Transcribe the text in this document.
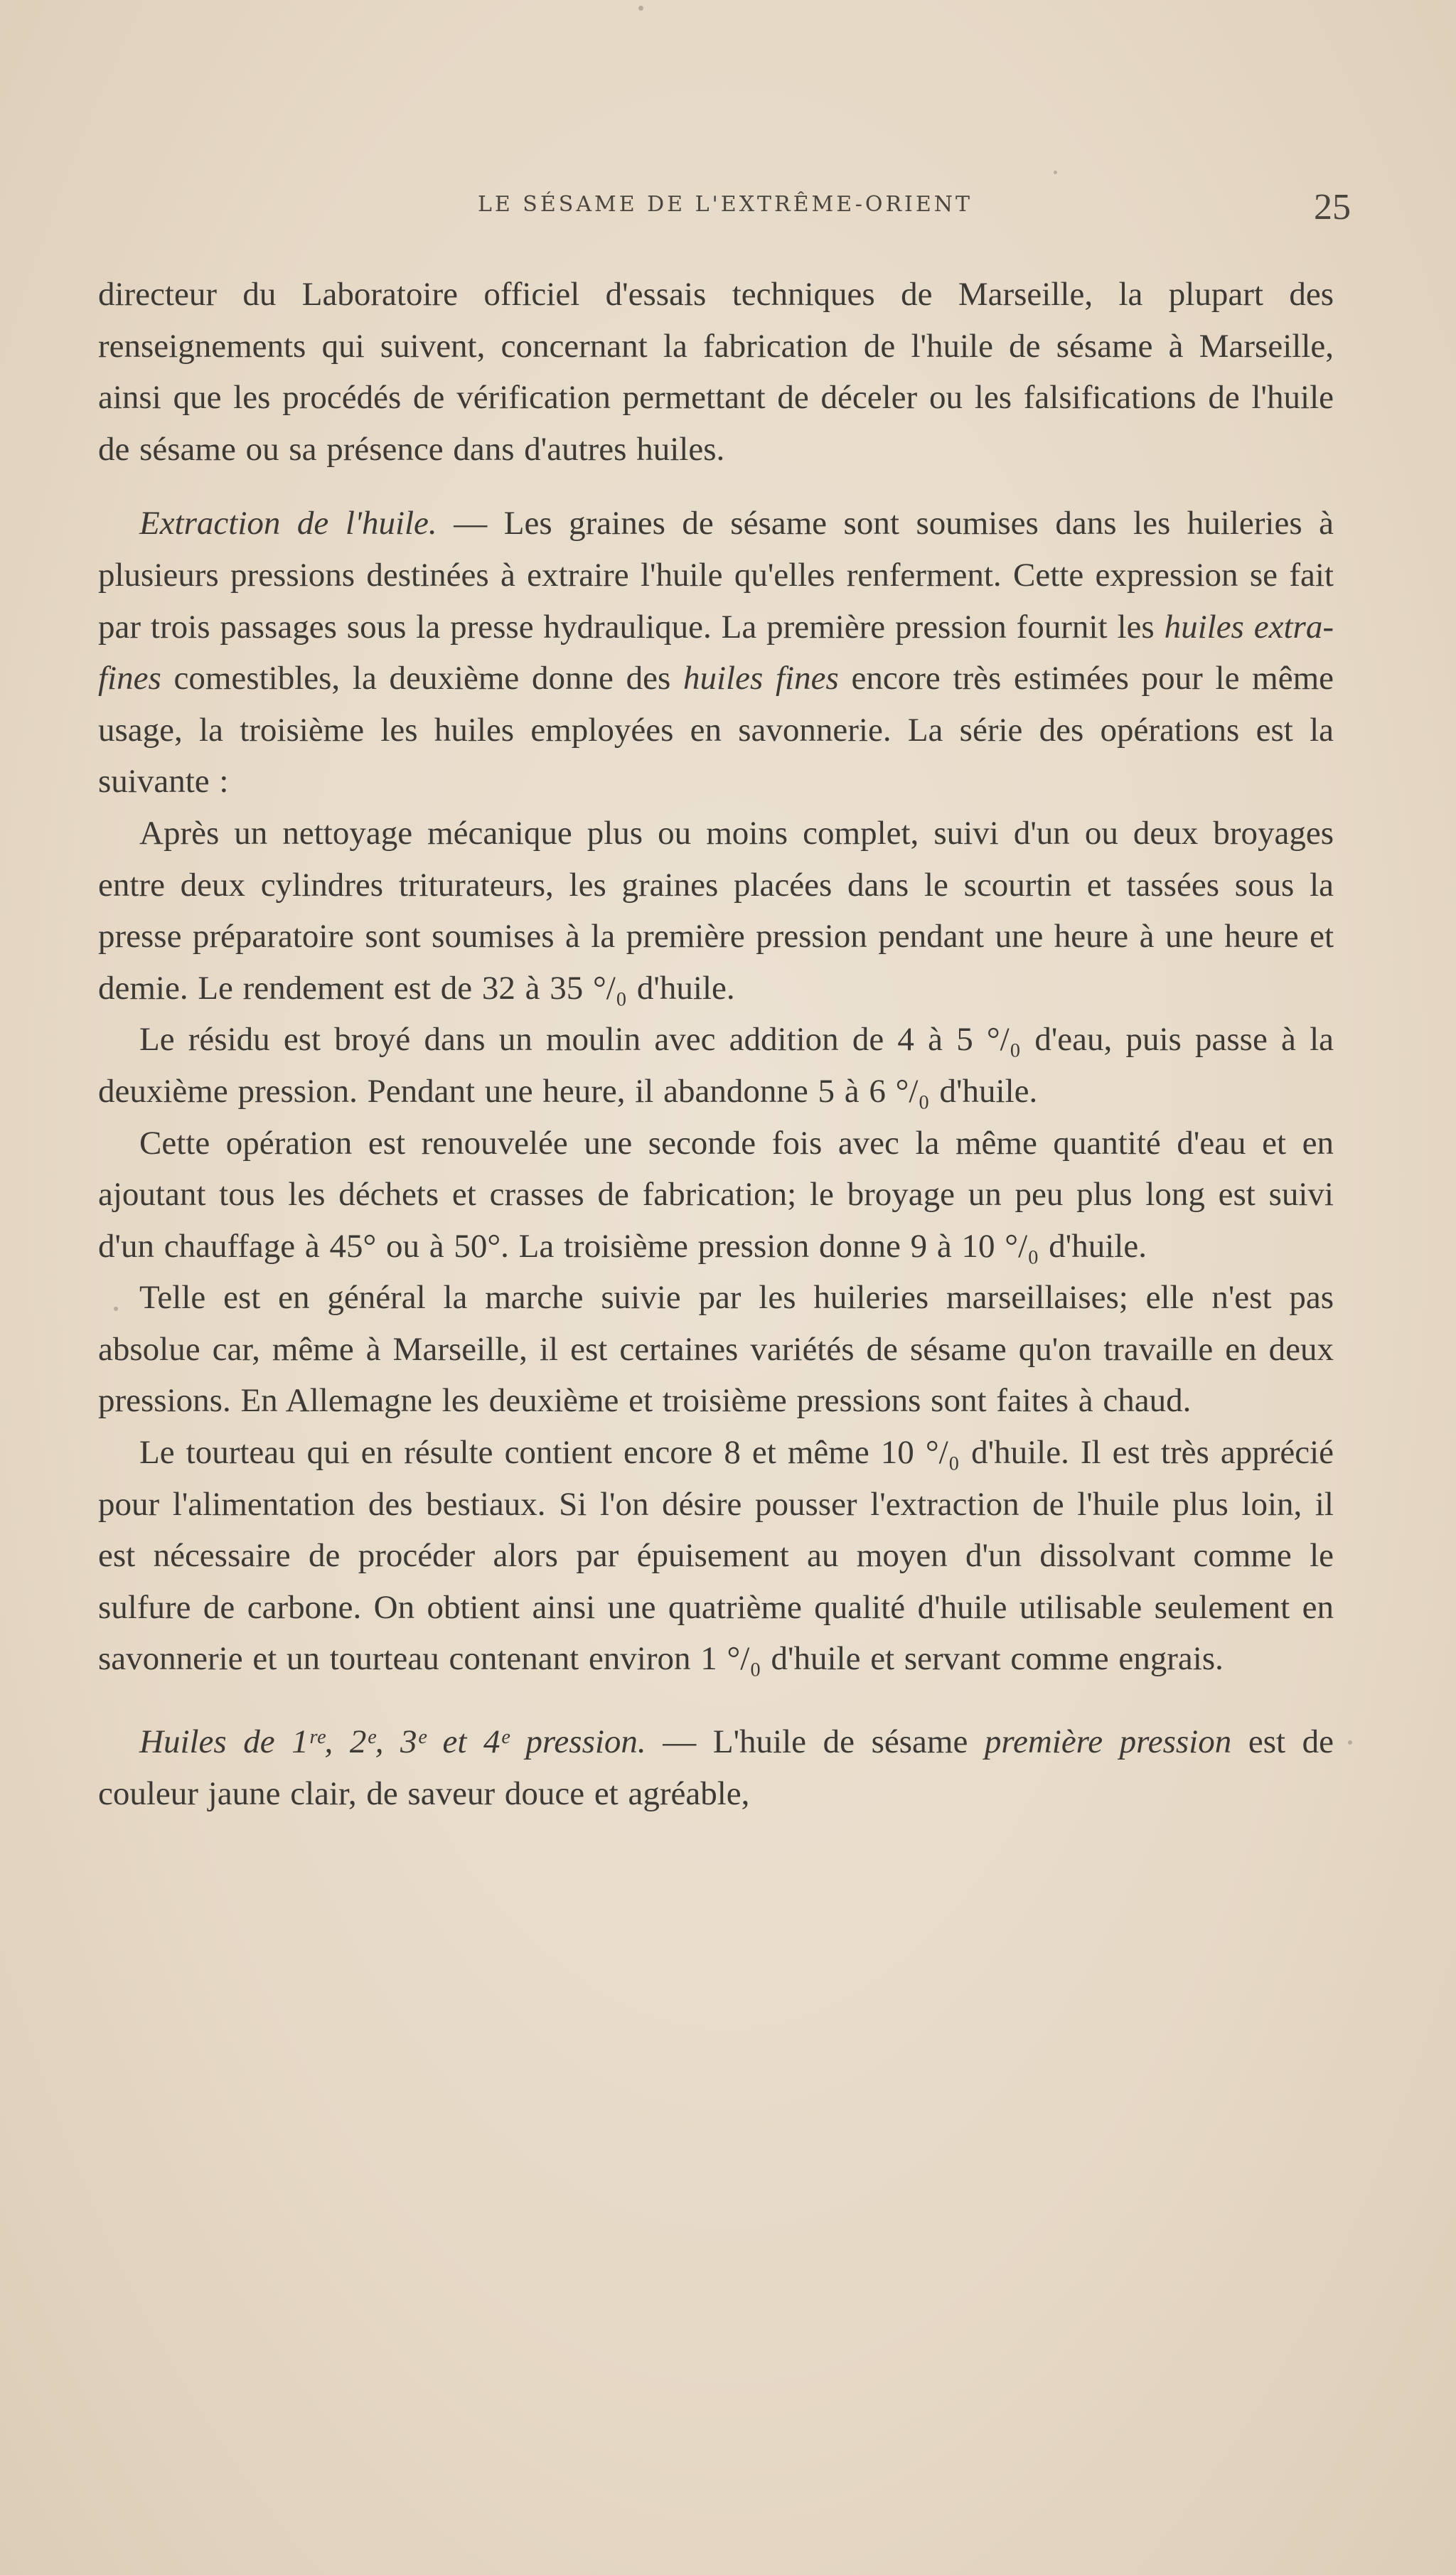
LE SÉSAME DE L'EXTRÊME-ORIENT	25

directeur du Laboratoire officiel d'essais techniques de Marseille, la plupart des renseignements qui suivent, concernant la fabrication de l'huile de sésame à Marseille, ainsi que les procédés de vérification permettant de déceler ou les falsifications de l'huile de sésame ou sa présence dans d'autres huiles.

Extraction de l'huile. — Les graines de sésame sont soumises dans les huileries à plusieurs pressions destinées à extraire l'huile qu'elles renferment. Cette expression se fait par trois passages sous la presse hydraulique. La première pression fournit les huiles extra-fines comestibles, la deuxième donne des huiles fines encore très estimées pour le même usage, la troisième les huiles employées en savonnerie. La série des opérations est la suivante :

Après un nettoyage mécanique plus ou moins complet, suivi d'un ou deux broyages entre deux cylindres triturateurs, les graines placées dans le scourtin et tassées sous la presse préparatoire sont soumises à la première pression pendant une heure à une heure et demie. Le rendement est de 32 à 35 °/₀ d'huile.

Le résidu est broyé dans un moulin avec addition de 4 à 5 °/₀ d'eau, puis passe à la deuxième pression. Pendant une heure, il abandonne 5 à 6 °/₀ d'huile.

Cette opération est renouvelée une seconde fois avec la même quantité d'eau et en ajoutant tous les déchets et crasses de fabrication; le broyage un peu plus long est suivi d'un chauffage à 45° ou à 50°. La troisième pression donne 9 à 10 °/₀ d'huile.

Telle est en général la marche suivie par les huileries marseillaises; elle n'est pas absolue car, même à Marseille, il est certaines variétés de sésame qu'on travaille en deux pressions. En Allemagne les deuxième et troisième pressions sont faites à chaud.

Le tourteau qui en résulte contient encore 8 et même 10 °/₀ d'huile. Il est très apprécié pour l'alimentation des bestiaux. Si l'on désire pousser l'extraction de l'huile plus loin, il est nécessaire de procéder alors par épuisement au moyen d'un dissolvant comme le sulfure de carbone. On obtient ainsi une quatrième qualité d'huile utilisable seulement en savonnerie et un tourteau contenant environ 1 °/₀ d'huile et servant comme engrais.

Huiles de 1ʳᵉ, 2ᵉ, 3ᵉ et 4ᵉ pression. — L'huile de sésame première pression est de couleur jaune clair, de saveur douce et agréable,
